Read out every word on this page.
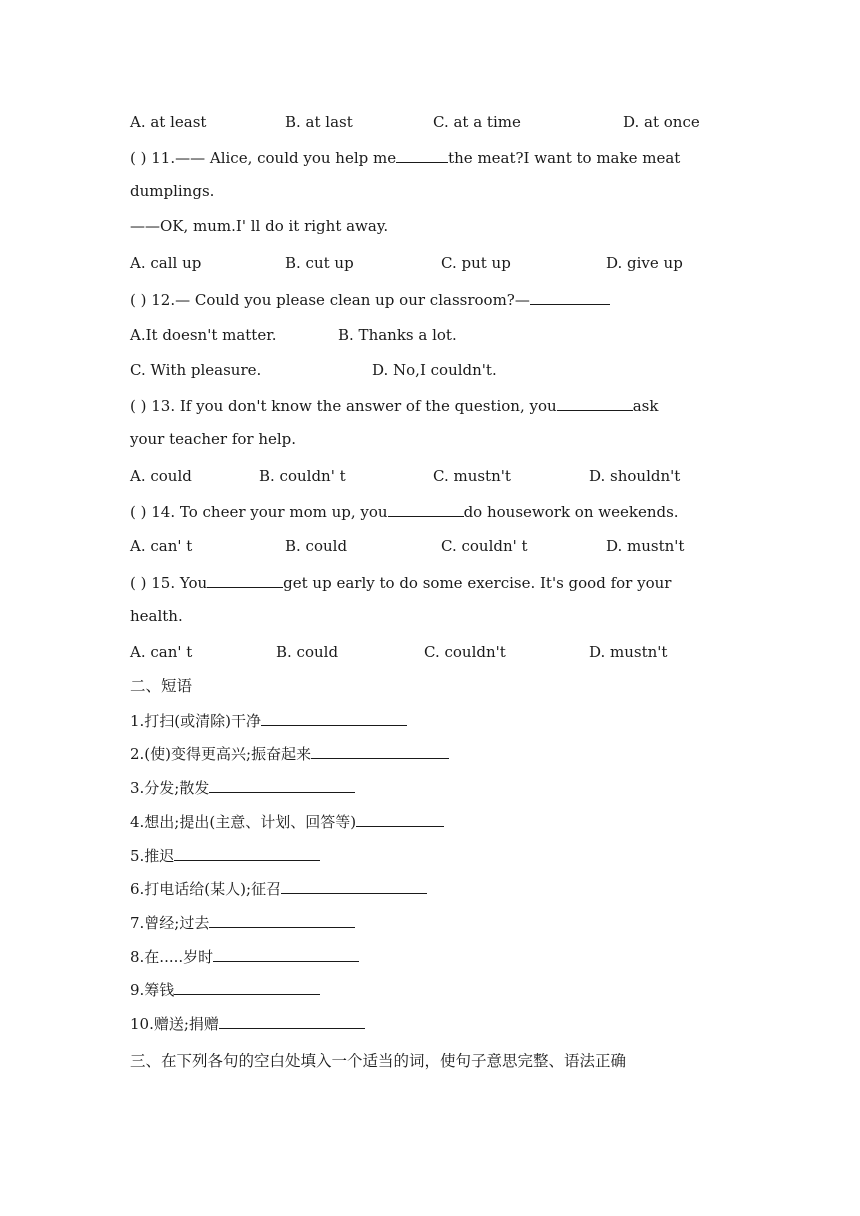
A. at least	B. at last	C. at a time	D. at once
( ) 11.—— Alice, could you help me	the meat?I want to make meat
dumplings.
——OK, mum.I' ll do it right away.
A. call up	B. cut up	C. put up	D. give up
( ) 12.— Could you please clean up our classroom?—
A.It doesn't matter.	B. Thanks a lot.
C. With pleasure.	D. No,I couldn't.
( ) 13. If you don't know the answer of the question, you	ask
your teacher for help.
A. could	B. couldn' t	C. mustn't	D. shouldn't
( ) 14. To cheer your mom up, you	do housework on weekends.
A. can' t	B. could	C. couldn' t	D. mustn't
( ) 15. You	get up early to do some exercise. It's good for your
health.
A. can' t	B. could	C. couldn't	D. mustn't
二、短语
1.打扫(或清除)干净
2.(使)变得更高兴;振奋起来
3.分发;散发
4.想出;提出(主意、计划、回答等)
5.推迟
6.打电话给(某人);征召
7.曾经;过去
8.在.....岁时
9.筹钱
10.赠送;捐赠
三、在下列各句的空白处填入一个适当的词，使句子意思完整、语法正确
